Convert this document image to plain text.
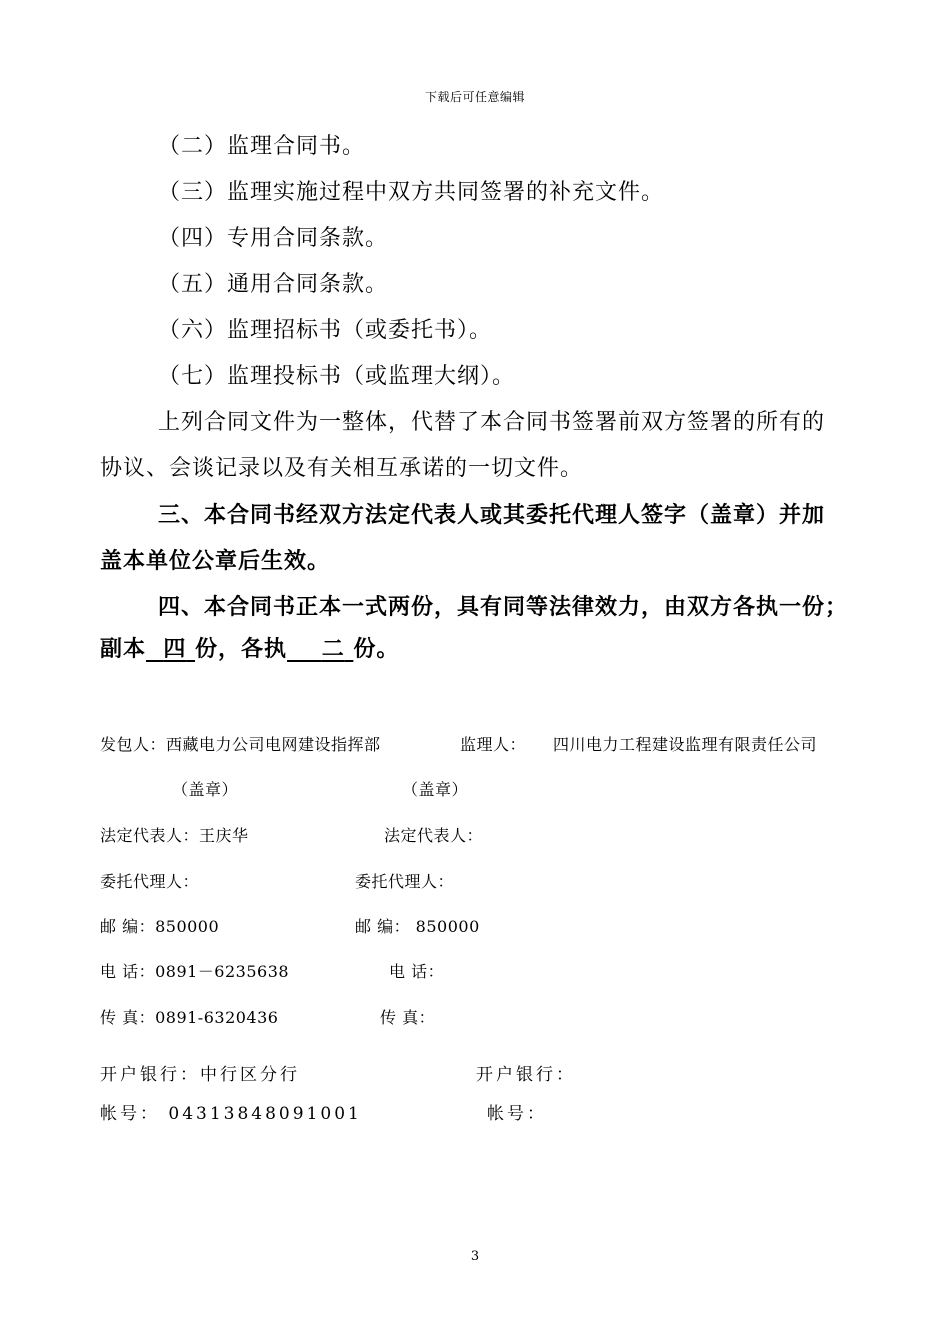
下载后可任意编辑
（二）监理合同书。
（三）监理实施过程中双方共同签署的补充文件。
（四）专用合同条款。
（五）通用合同条款。
（六）监理招标书（或委托书）。
（七）监理投标书（或监理大纲）。
上列合同文件为一整体，代替了本合同书签署前双方签署的所有的
协议、会谈记录以及有关相互承诺的一切文件。
三、本合同书经双方法定代表人或其委托代理人签字（盖章）并加
盖本单位公章后生效。
四、本合同书正本一式两份，具有同等法律效力，由双方各执一份；
副本 四 份，各执 二 份。
发包人：西藏电力公司电网建设指挥部	监理人： 四川电力工程建设监理有限责任公司
（盖章）	（盖章）
法定代表人：王庆华	法定代表人：
委托代理人：	委托代理人：
邮 编：850000	邮 编： 850000
电 话：0891－6235638	电 话：
传 真：0891-6320436	传 真：
开户银行：中行区分行	开户银行：
帐号： 04313848091001	帐号：
3
